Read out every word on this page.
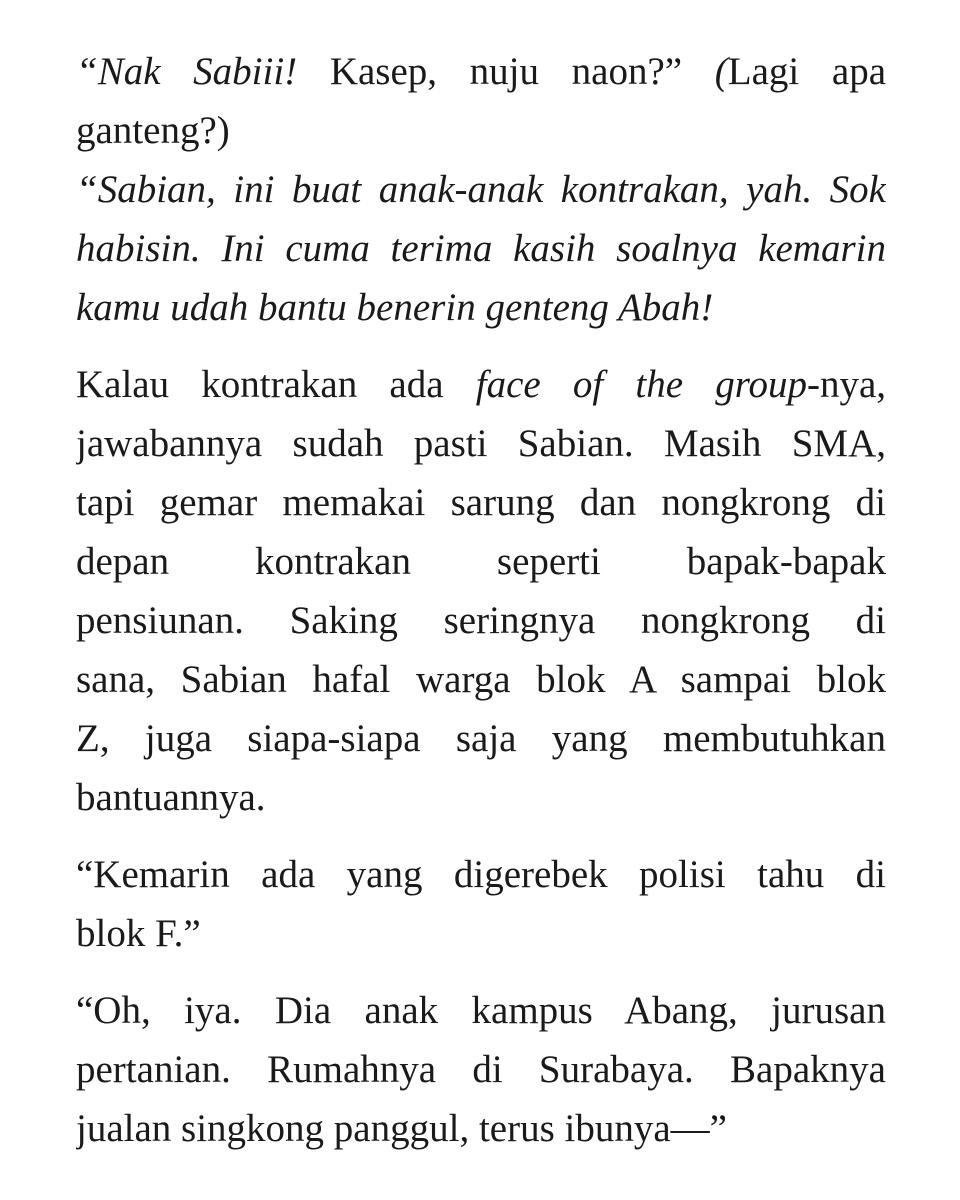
“Nak Sabiii! Kasep, nuju naon?” (Lagi apa
ganteng?)
“Sabian, ini buat anak-anak kontrakan, yah. Sok
habisin. Ini cuma terima kasih soalnya kemarin
kamu udah bantu benerin genteng Abah!
Kalau kontrakan ada face of the group-nya,
jawabannya sudah pasti Sabian. Masih SMA,
tapi gemar memakai sarung dan nongkrong di
depan kontrakan seperti bapak-bapak
pensiunan. Saking seringnya nongkrong di
sana, Sabian hafal warga blok A sampai blok
Z, juga siapa-siapa saja yang membutuhkan
bantuannya.
“Kemarin ada yang digerebek polisi tahu di
blok F.”
“Oh, iya. Dia anak kampus Abang, jurusan
pertanian. Rumahnya di Surabaya. Bapaknya
jualan singkong panggul, terus ibunya—”
